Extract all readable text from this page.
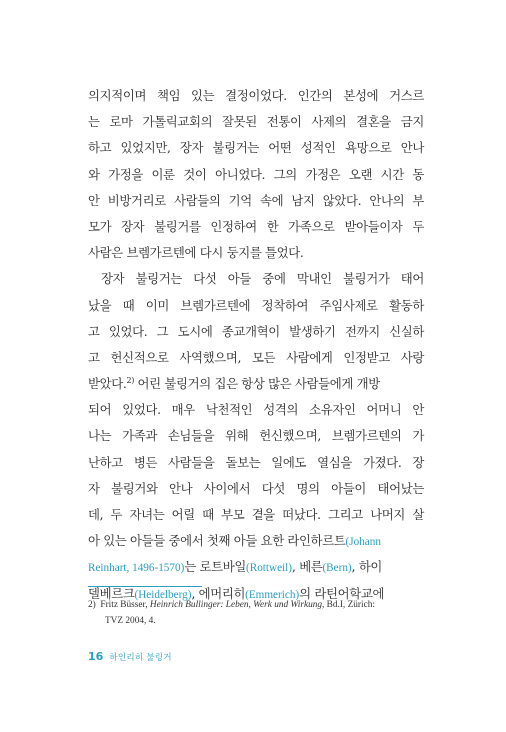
의지적이며 책임 있는 결정이었다. 인간의 본성에 거스르
는 로마 가톨릭교회의 잘못된 전통이 사제의 결혼을 금지
하고 있었지만, 장자 불링거는 어떤 성적인 욕망으로 안나
와 가정을 이룬 것이 아니었다. 그의 가정은 오랜 시간 동
안 비방거리로 사람들의 기억 속에 남지 않았다. 안나의 부
모가 장자 불링거를 인정하여 한 가족으로 받아들이자 두
사람은 브렘가르텐에 다시 둥지를 틀었다.
장자 불링거는 다섯 아들 중에 막내인 불링거가 태어
났을 때 이미 브렘가르텐에 정착하여 주임사제로 활동하
고 있었다. 그 도시에 종교개혁이 발생하기 전까지 신실하
고 헌신적으로 사역했으며, 모든 사람에게 인정받고 사랑
받았다.$^{2)}$ 어린 불링거의 집은 항상 많은 사람들에게 개방
되어 있었다. 매우 낙천적인 성격의 소유자인 어머니 안
나는 가족과 손님들을 위해 헌신했으며, 브렘가르텐의 가
난하고 병든 사람들을 돌보는 일에도 열심을 가졌다. 장
자 불링거와 안나 사이에서 다섯 명의 아들이 태어났는
데, 두 자녀는 어릴 때 부모 곁을 떠났다. 그리고 나머지 살
아 있는 아들들 중에서 첫째 아들 요한 라인하르트(Johann
Reinhart, 1496-1570)는 로트바일(Rottweil), 베른(Bern), 하이
델베르크(Heidelberg), 에머리히(Emmerich)의 라틴어학교에
2) Fritz Büsser, Heinrich Bullinger: Leben, Werk und Wirkung, Bd.I, Zürich:
TVZ 2004, 4.
16 하인리히 불링거
